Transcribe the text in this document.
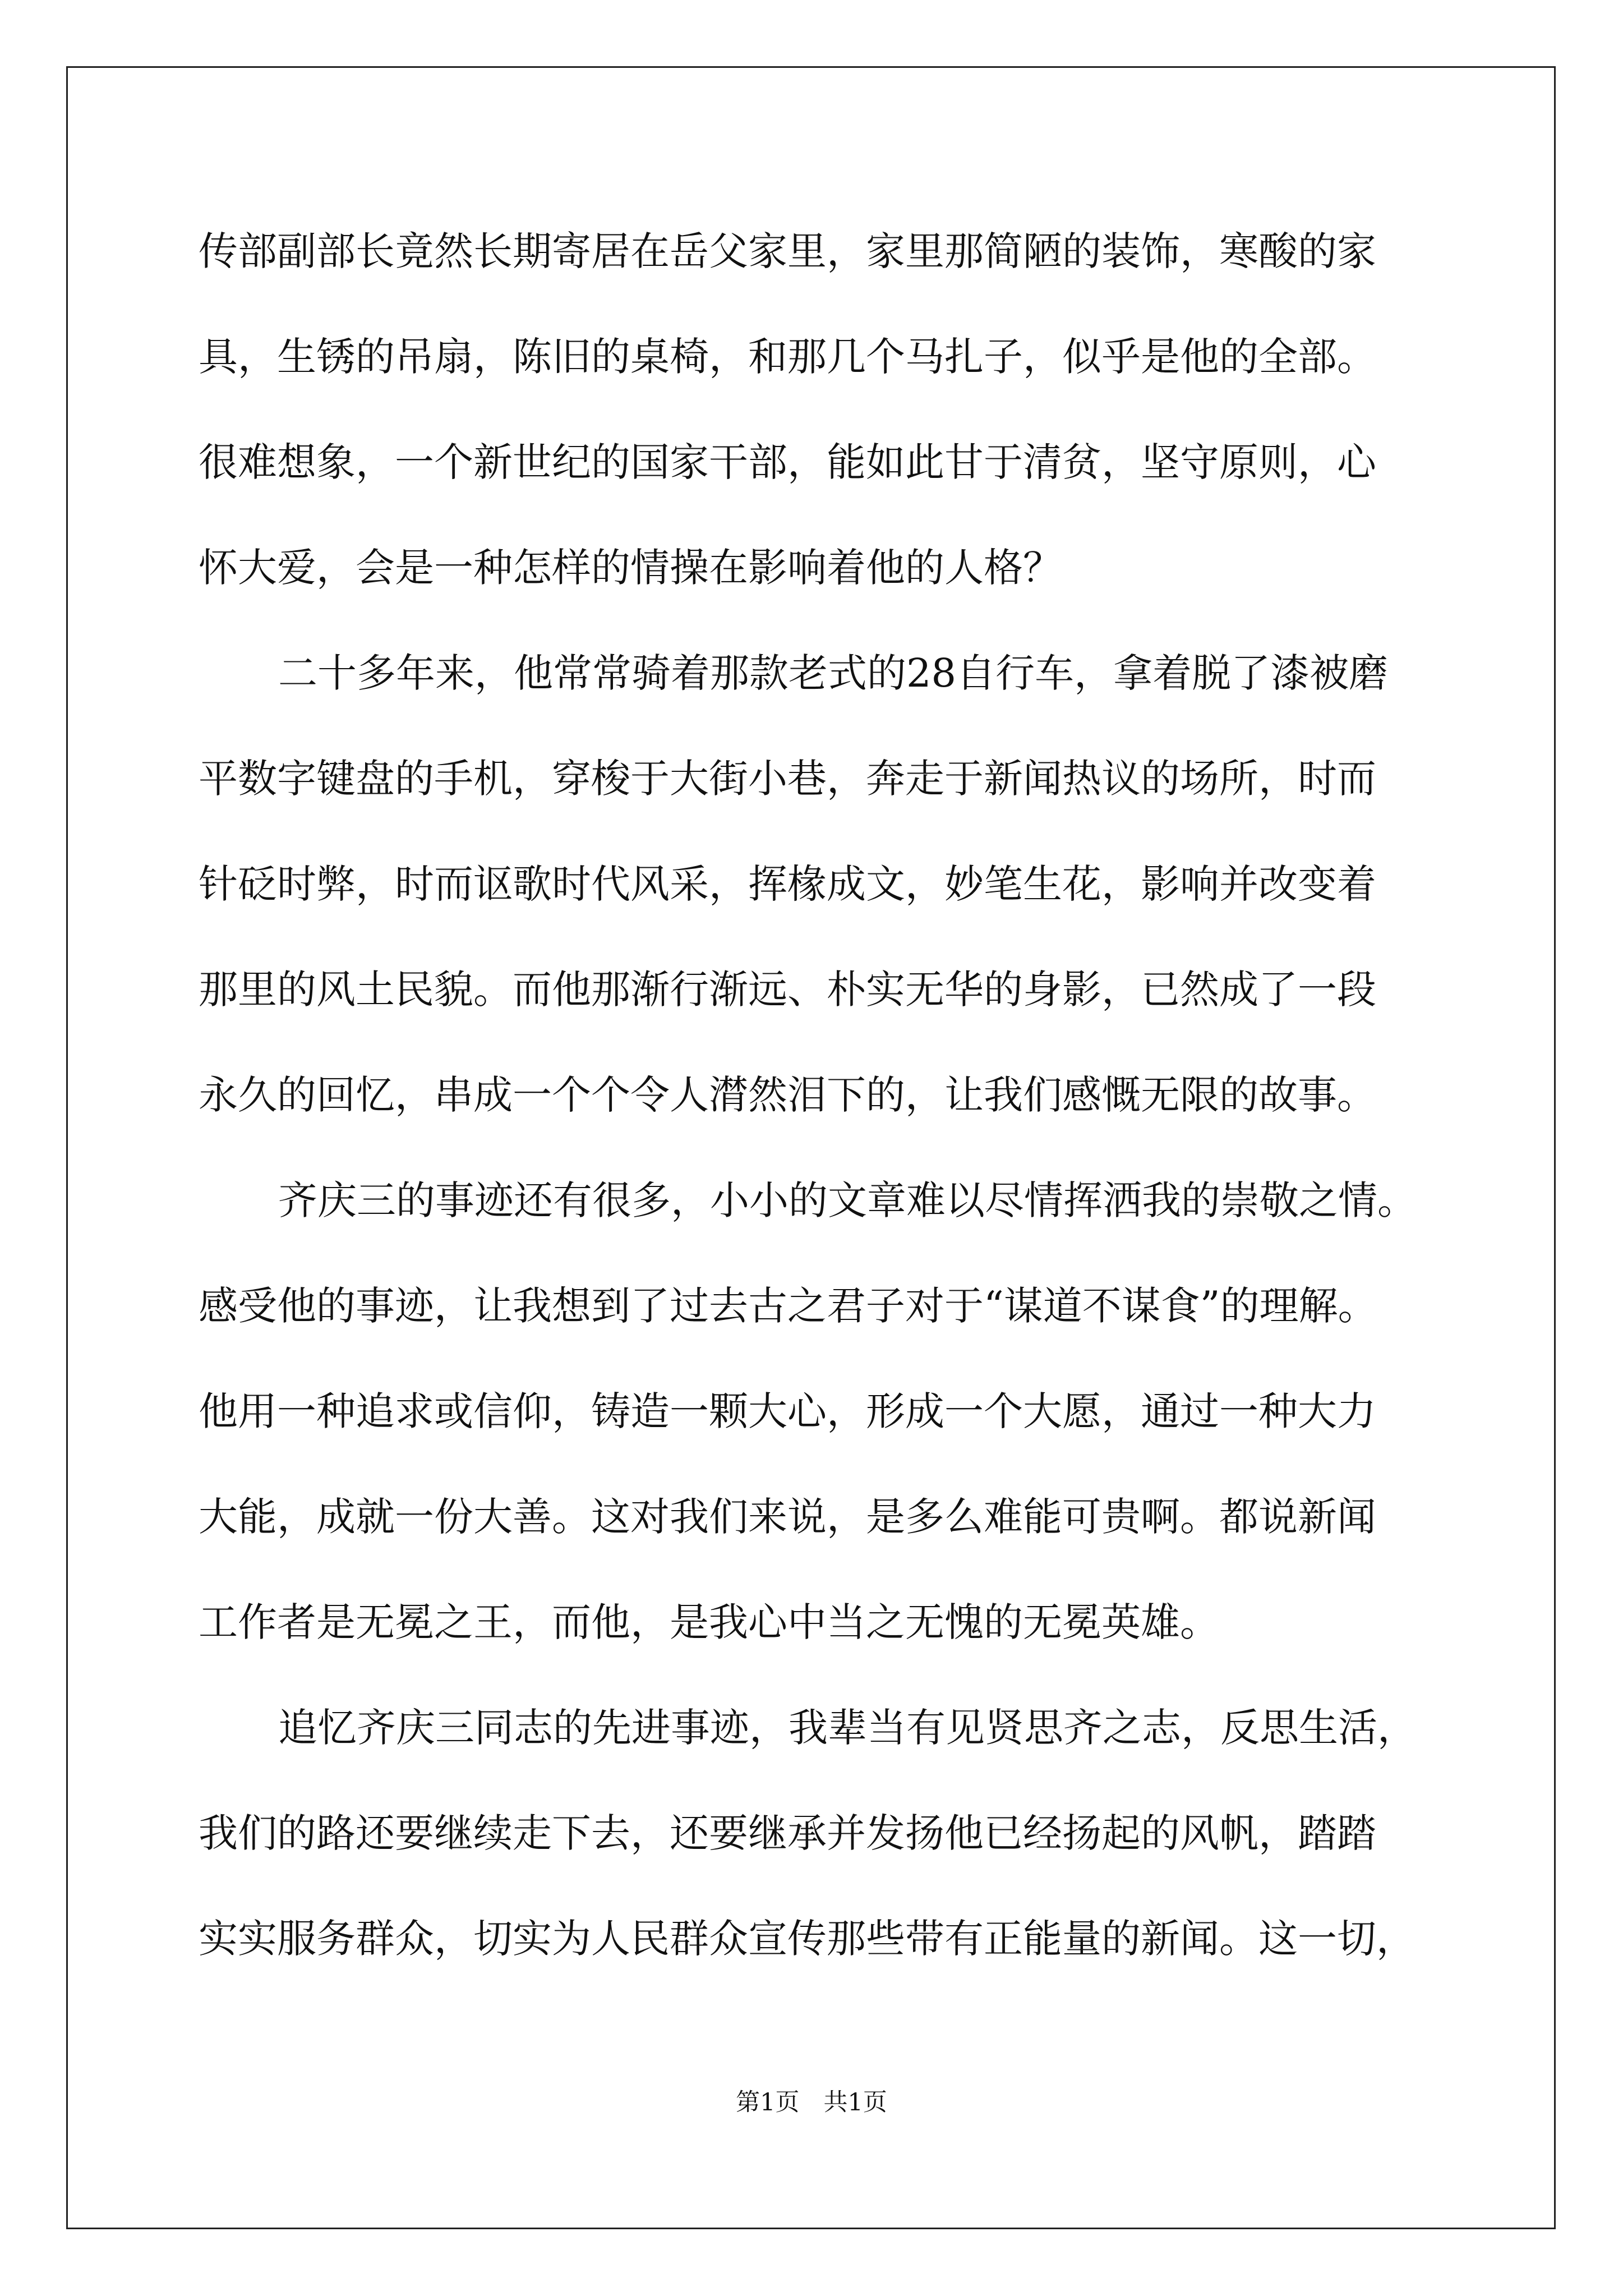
传部副部长竟然长期寄居在岳父家里，家里那简陋的装饰，寒酸的家
具，生锈的吊扇，陈旧的桌椅，和那几个马扎子，似乎是他的全部。
很难想象，一个新世纪的国家干部，能如此甘于清贫，坚守原则，心
怀大爱，会是一种怎样的情操在影响着他的人格？
二十多年来，他常常骑着那款老式的28自行车，拿着脱了漆被磨
平数字键盘的手机，穿梭于大街小巷，奔走于新闻热议的场所，时而
针砭时弊，时而讴歌时代风采，挥椽成文，妙笔生花，影响并改变着
那里的风土民貌。而他那渐行渐远、朴实无华的身影，已然成了一段
永久的回忆，串成一个个令人潸然泪下的，让我们感慨无限的故事。
齐庆三的事迹还有很多，小小的文章难以尽情挥洒我的崇敬之情。
感受他的事迹，让我想到了过去古之君子对于“谋道不谋食”的理解。
他用一种追求或信仰，铸造一颗大心，形成一个大愿，通过一种大力
大能，成就一份大善。这对我们来说，是多么难能可贵啊。都说新闻
工作者是无冕之王，而他，是我心中当之无愧的无冕英雄。
追忆齐庆三同志的先进事迹，我辈当有见贤思齐之志，反思生活，
我们的路还要继续走下去，还要继承并发扬他已经扬起的风帆，踏踏
实实服务群众，切实为人民群众宣传那些带有正能量的新闻。这一切，
第1页　共1页
